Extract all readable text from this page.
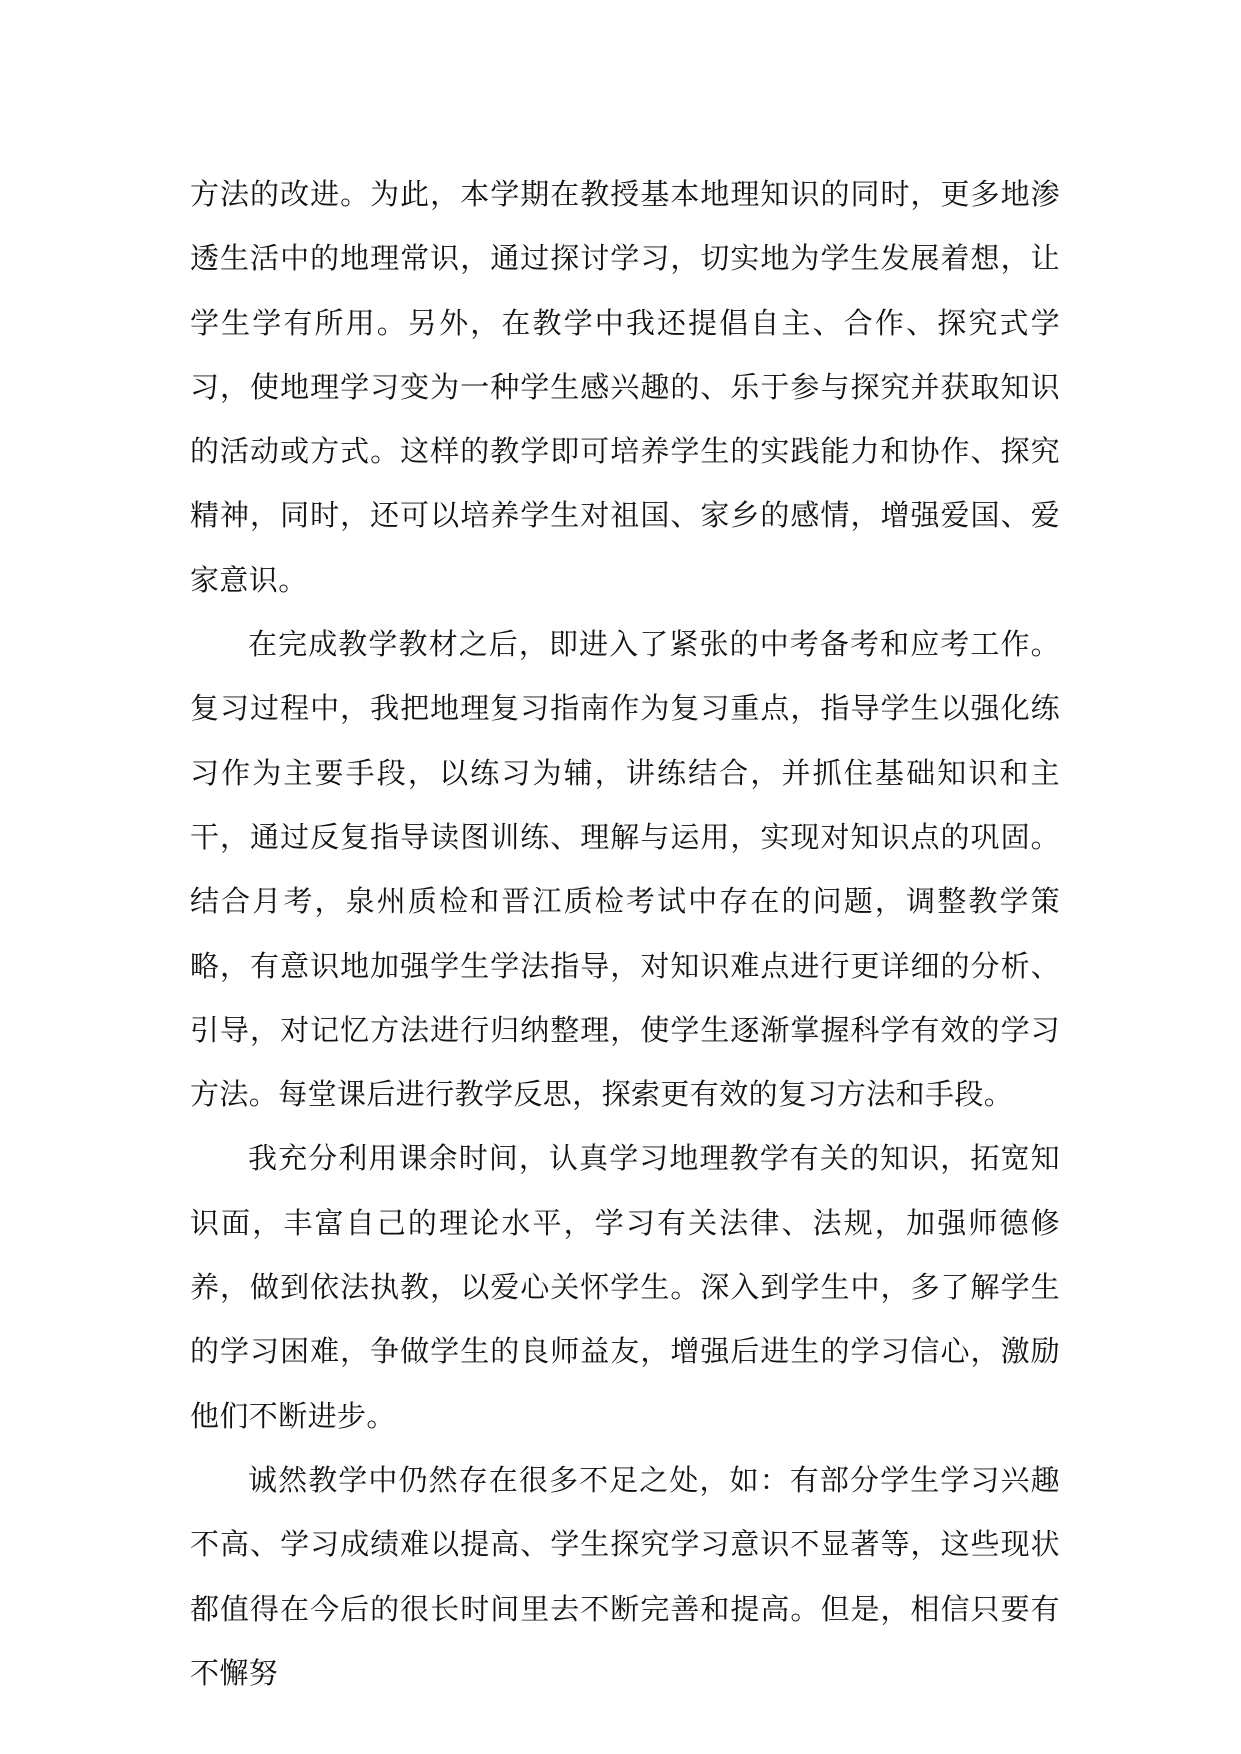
方法的改进。为此，本学期在教授基本地理知识的同时，更多地渗透生活中的地理常识，通过探讨学习，切实地为学生发展着想，让学生学有所用。另外，在教学中我还提倡自主、合作、探究式学习，使地理学习变为一种学生感兴趣的、乐于参与探究并获取知识的活动或方式。这样的教学即可培养学生的实践能力和协作、探究精神，同时，还可以培养学生对祖国、家乡的感情，增强爱国、爱家意识。

在完成教学教材之后，即进入了紧张的中考备考和应考工作。复习过程中，我把地理复习指南作为复习重点，指导学生以强化练习作为主要手段，以练习为辅，讲练结合，并抓住基础知识和主干，通过反复指导读图训练、理解与运用，实现对知识点的巩固。结合月考，泉州质检和晋江质检考试中存在的问题，调整教学策略，有意识地加强学生学法指导，对知识难点进行更详细的分析、引导，对记忆方法进行归纳整理，使学生逐渐掌握科学有效的学习方法。每堂课后进行教学反思，探索更有效的复习方法和手段。

我充分利用课余时间，认真学习地理教学有关的知识，拓宽知识面，丰富自己的理论水平，学习有关法律、法规，加强师德修养，做到依法执教，以爱心关怀学生。深入到学生中，多了解学生的学习困难，争做学生的良师益友，增强后进生的学习信心，激励他们不断进步。

诚然教学中仍然存在很多不足之处，如：有部分学生学习兴趣不高、学习成绩难以提高、学生探究学习意识不显著等，这些现状都值得在今后的很长时间里去不断完善和提高。但是，相信只要有不懈努
